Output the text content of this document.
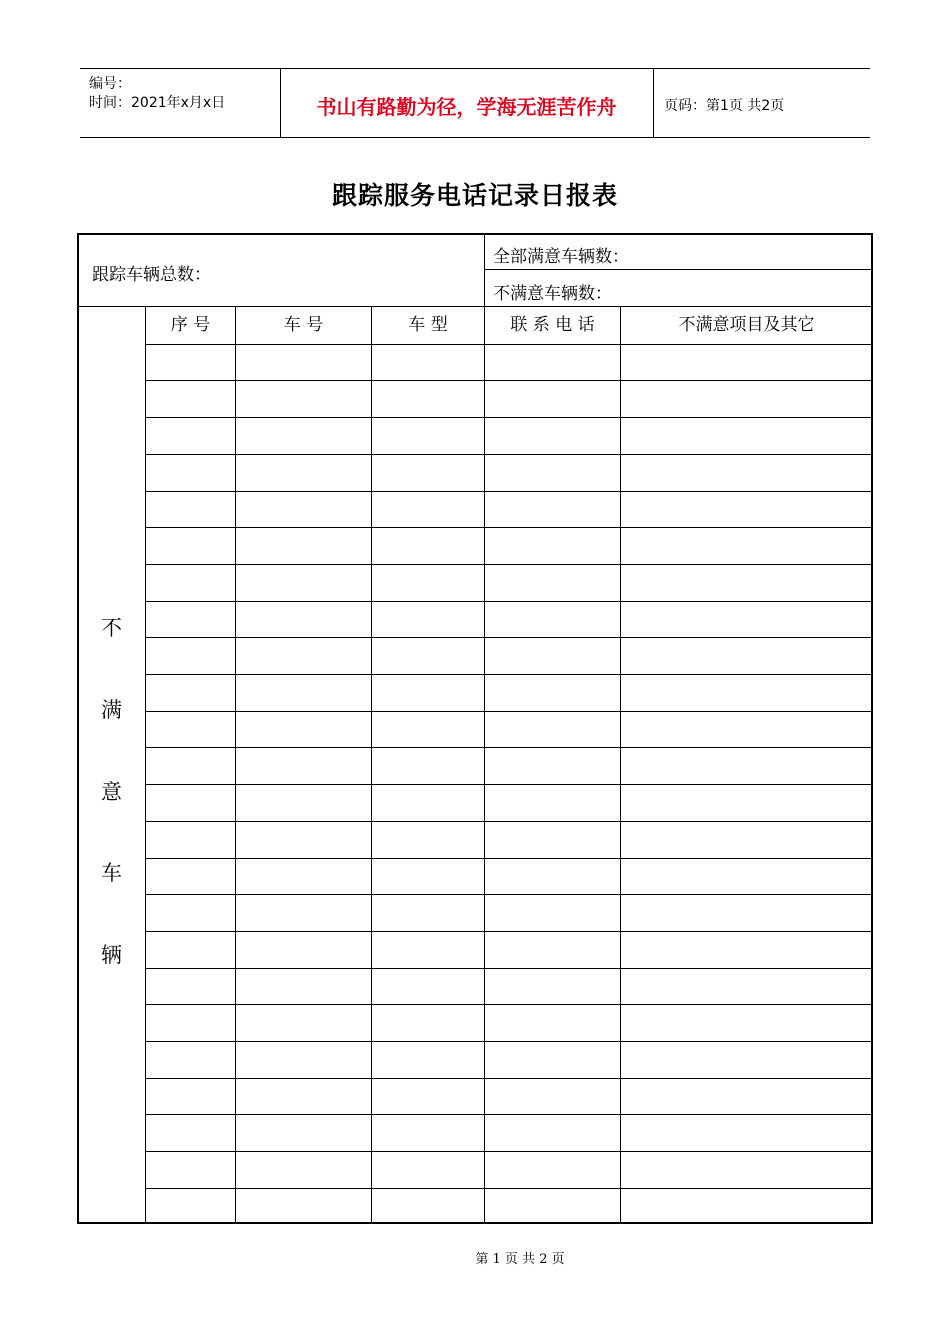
编号：
时间：2021年x月x日	书山有路勤为径，学海无涯苦作舟	页码：第1页 共2页
跟踪服务电话记录日报表
跟踪车辆总数：
全部满意车辆数：
不满意车辆数：
序 号	车 号	车 型	联 系 电 话	不满意项目及其它
不
满
意
车
辆
第 1 页 共 2 页
